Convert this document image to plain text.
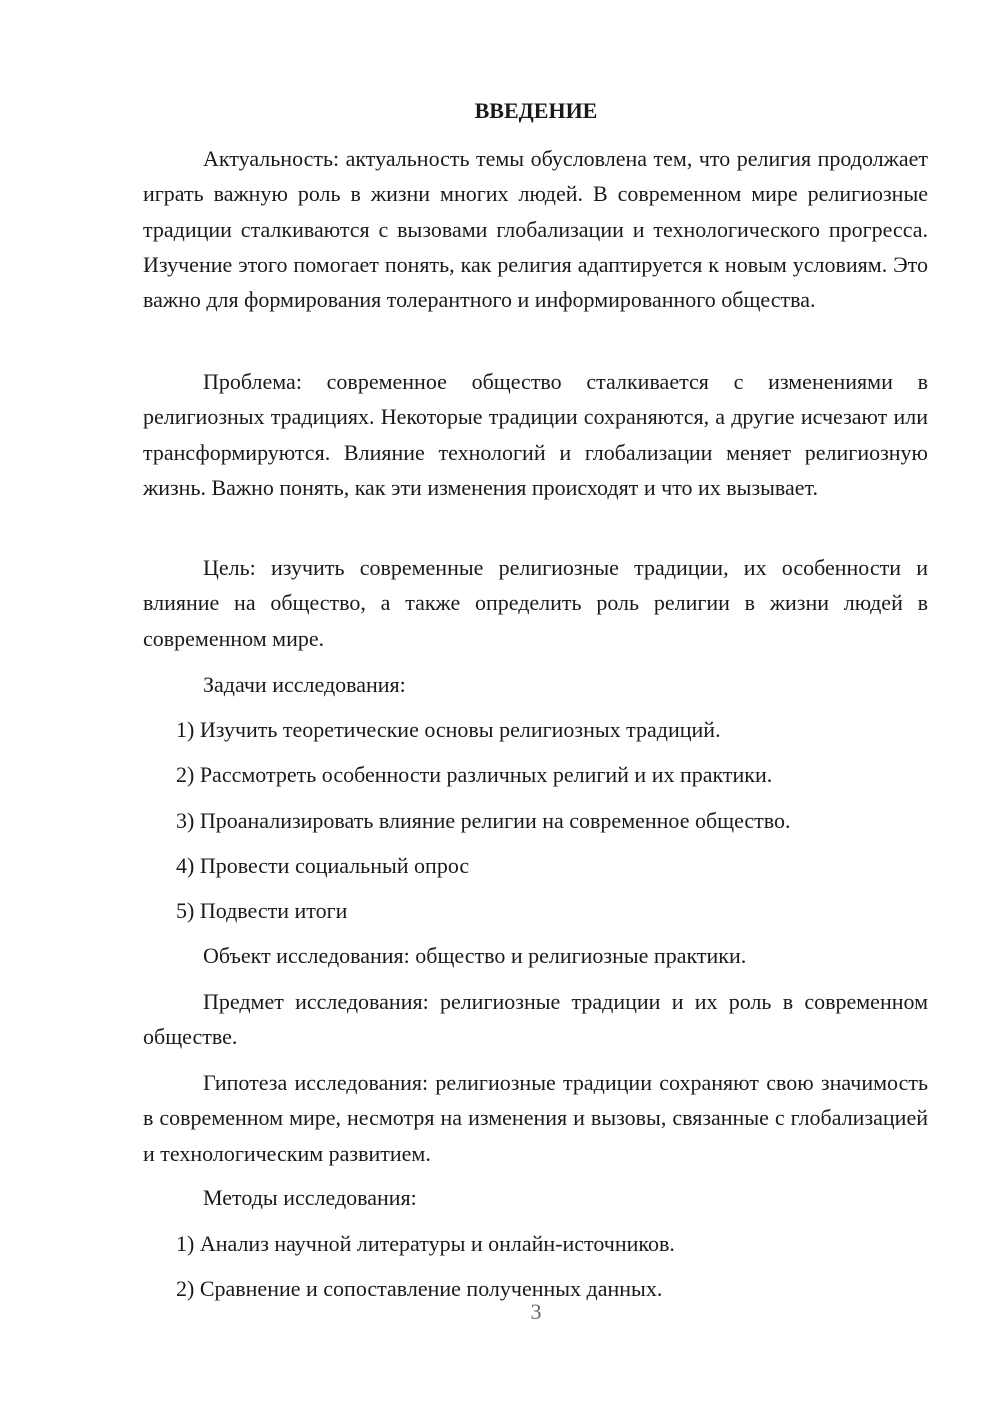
ВВЕДЕНИЕ

Актуальность: актуальность темы обусловлена тем, что религия продолжает играть важную роль в жизни многих людей. В современном мире религиозные традиции сталкиваются с вызовами глобализации и технологического прогресса. Изучение этого помогает понять, как религия адаптируется к новым условиям. Это важно для формирования толерантного и информированного общества.

Проблема: современное общество сталкивается с изменениями в религиозных традициях. Некоторые традиции сохраняются, а другие исчезают или трансформируются. Влияние технологий и глобализации меняет религиозную жизнь. Важно понять, как эти изменения происходят и что их вызывает.

Цель: изучить современные религиозные традиции, их особенности и влияние на общество, а также определить роль религии в жизни людей в современном мире.

Задачи исследования:

1) Изучить теоретические основы религиозных традиций.

2) Рассмотреть особенности различных религий и их практики.

3) Проанализировать влияние религии на современное общество.

4) Провести социальный опрос

5) Подвести итоги

Объект исследования: общество и религиозные практики.

Предмет исследования: религиозные традиции и их роль в современном обществе.

Гипотеза исследования: религиозные традиции сохраняют свою значимость в современном мире, несмотря на изменения и вызовы, связанные с глобализацией и технологическим развитием.

Методы исследования:

1) Анализ научной литературы и онлайн-источников.

2) Сравнение и сопоставление полученных данных.

3
